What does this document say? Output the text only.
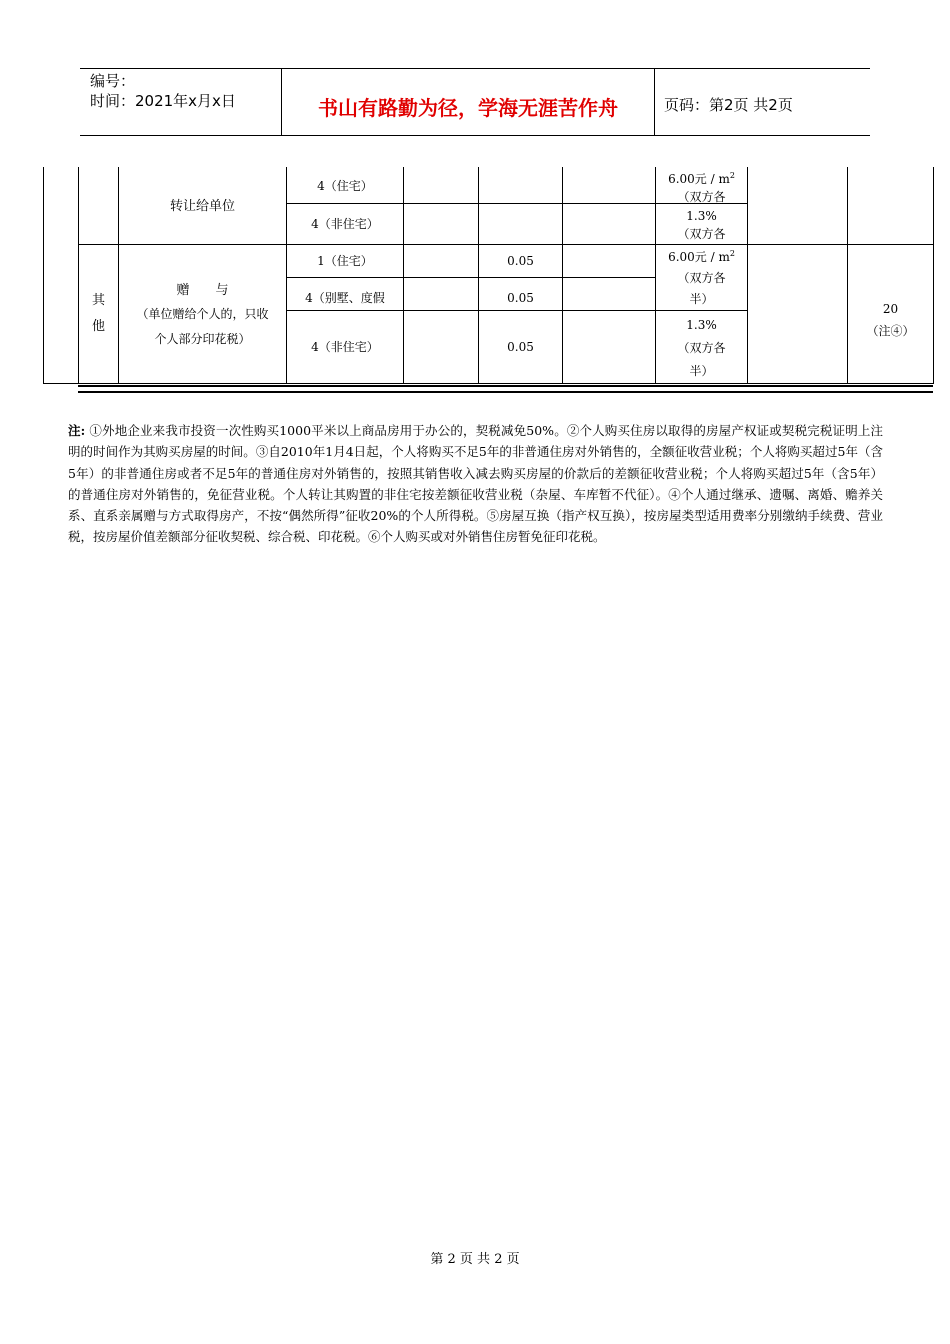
编号：
时间：2021年x月x日	书山有路勤为径，学海无涯苦作舟	页码：第2页 共2页
转让给单位
4（住宅）
4（非住宅）
6.00元 / $m^2$
（双方各
1.3%
（双方各
其
他
赠　　与
（单位赠给个人的，只收
个人部分印花税）
1（住宅）
4（别墅、度假
4（非住宅）
0.05
0.05
0.05
6.00元 / $m^2$
（双方各
半）
1.3%
（双方各
半）
20
（注④）
注: ①外地企业来我市投资一次性购买1000平米以上商品房用于办公的，契税减免50%。②个人购买住房以取得的房屋产权证或契税完税证明上注明的时间作为其购买房屋的时间。③自2010年1月4日起，个人将购买不足5年的非普通住房对外销售的，全额征收营业税；个人将购买超过5年（含5年）的非普通住房或者不足5年的普通住房对外销售的，按照其销售收入减去购买房屋的价款后的差额征收营业税；个人将购买超过5年（含5年）的普通住房对外销售的，免征营业税。个人转让其购置的非住宅按差额征收营业税（杂屋、车库暂不代征）。④个人通过继承、遗嘱、离婚、赡养关系、直系亲属赠与方式取得房产，不按“偶然所得”征收20%的个人所得税。⑤房屋互换（指产权互换），按房屋类型适用费率分别缴纳手续费、营业税，按房屋价值差额部分征收契税、综合税、印花税。⑥个人购买或对外销售住房暂免征印花税。
第 2 页 共 2 页
